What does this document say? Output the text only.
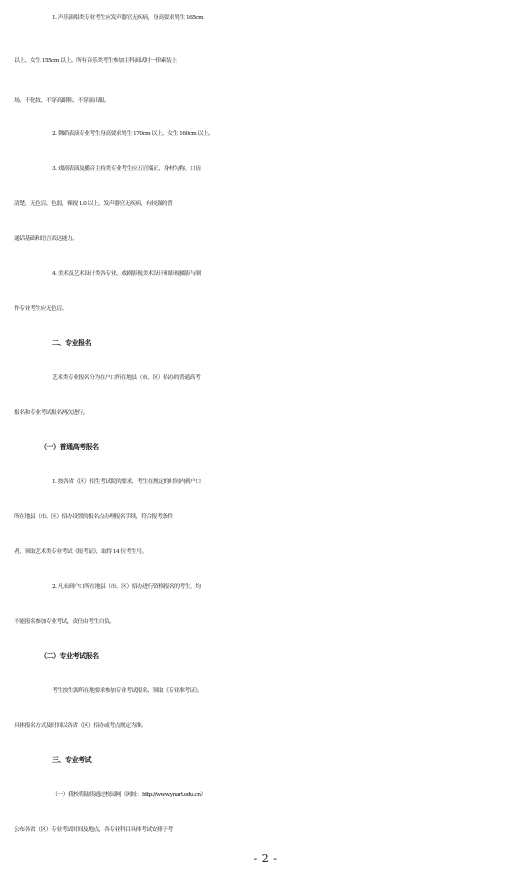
1. 声乐演唱类专业考生应发声器官无疾病，身高要求男生 165cm
以上、女生 155cm 以上。所有音乐类考生参加主科面试时一律素装上
场，不化妆、不穿高跟鞋、不穿演出服。
2. 舞蹈表演专业考生身高要求男生 170cm 以上、女生 160cm 以上。
3. 戏剧表演及播音主持类专业考生应五官端正、身材匀称、口齿
清楚，无色盲、色弱，裸视 1.0 以上，发声器官无疾病，有较强的普
通话基础和语言表达能力。
4. 美术及艺术设计类各专业、戏剧影视美术设计和影视摄影与制
作专业考生应无色盲。
二、专业报名
艺术类专业报名分为在户口所在地县（市、区）招办的普通高考
报名和专业考试报名两次进行。
（一）普通高考报名
1. 按各省（区）招生考试院的要求，考生在规定的时间内到户口
所在地县（市、区）招办设置的报名点办理报名手续，符合报考条件
者，领取艺术类专业考试《报考证》，取得 14 位考生号。
2. 凡未到户口所在地县（市、区）招办进行资格报名的考生，均
不能报名参加专业考试，责任由考生自负。
（二）专业考试报名
考生按生源所在地要求参加专业考试报名，领取《专业准考证》，
具体报名方式及时间以各省（区）招办或考点规定为准。
三、专业考试
（一）我校将陆续通过校园网（网址：http://www.ynart.edu.cn）
公布各省（区）专业考试时间及地点，各专业科目具体考试安排于考
- 2 -
